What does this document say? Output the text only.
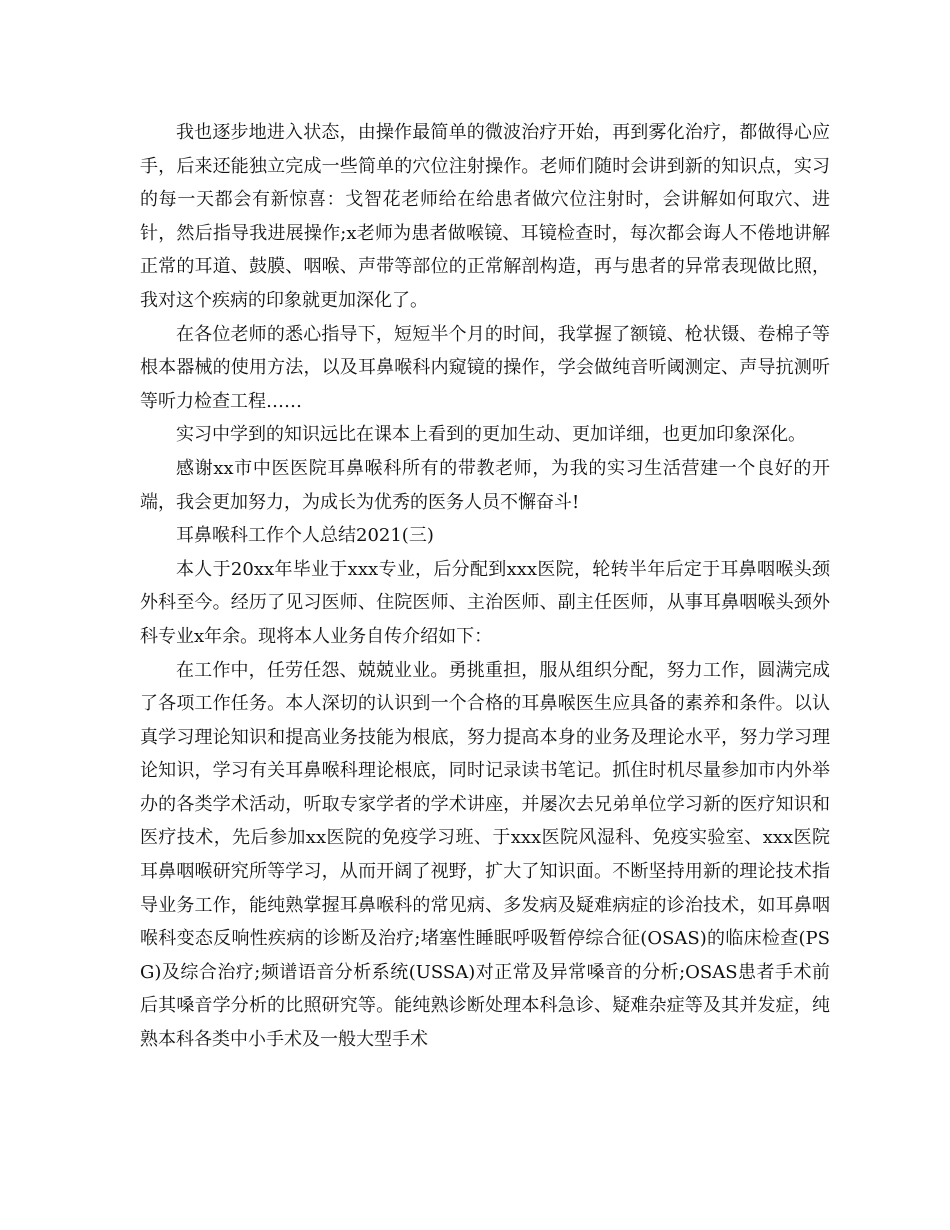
我也逐步地进入状态，由操作最简单的微波治疗开始，再到雾化治疗，都做得心应手，后来还能独立完成一些简单的穴位注射操作。老师们随时会讲到新的知识点，实习的每一天都会有新惊喜：戈智花老师给在给患者做穴位注射时，会讲解如何取穴、进针，然后指导我进展操作;x老师为患者做喉镜、耳镜检查时，每次都会诲人不倦地讲解正常的耳道、鼓膜、咽喉、声带等部位的正常解剖构造，再与患者的异常表现做比照，我对这个疾病的印象就更加深化了。

在各位老师的悉心指导下，短短半个月的时间，我掌握了额镜、枪状镊、卷棉子等根本器械的使用方法，以及耳鼻喉科内窥镜的操作，学会做纯音听阈测定、声导抗测听等听力检查工程……

实习中学到的知识远比在课本上看到的更加生动、更加详细，也更加印象深化。

感谢xx市中医医院耳鼻喉科所有的带教老师，为我的实习生活营建一个良好的开端，我会更加努力，为成长为优秀的医务人员不懈奋斗!

耳鼻喉科工作个人总结2021(三)

本人于20xx年毕业于xxx专业，后分配到xxx医院，轮转半年后定于耳鼻咽喉头颈外科至今。经历了见习医师、住院医师、主治医师、副主任医师，从事耳鼻咽喉头颈外科专业x年余。现将本人业务自传介绍如下：

在工作中，任劳任怨、兢兢业业。勇挑重担，服从组织分配，努力工作，圆满完成了各项工作任务。本人深切的认识到一个合格的耳鼻喉医生应具备的素养和条件。以认真学习理论知识和提高业务技能为根底，努力提高本身的业务及理论水平，努力学习理论知识，学习有关耳鼻喉科理论根底，同时记录读书笔记。抓住时机尽量参加市内外举办的各类学术活动，听取专家学者的学术讲座，并屡次去兄弟单位学习新的医疗知识和医疗技术，先后参加xx医院的免疫学习班、于xxx医院风湿科、免疫实验室、xxx医院耳鼻咽喉研究所等学习，从而开阔了视野，扩大了知识面。不断坚持用新的理论技术指导业务工作，能纯熟掌握耳鼻喉科的常见病、多发病及疑难病症的诊治技术，如耳鼻咽喉科变态反响性疾病的诊断及治疗;堵塞性睡眠呼吸暂停综合征(OSAS)的临床检查(PSG)及综合治疗;频谱语音分析系统(USSA)对正常及异常嗓音的分析;OSAS患者手术前后其嗓音学分析的比照研究等。能纯熟诊断处理本科急诊、疑难杂症等及其并发症，纯熟本科各类中小手术及一般大型手术
